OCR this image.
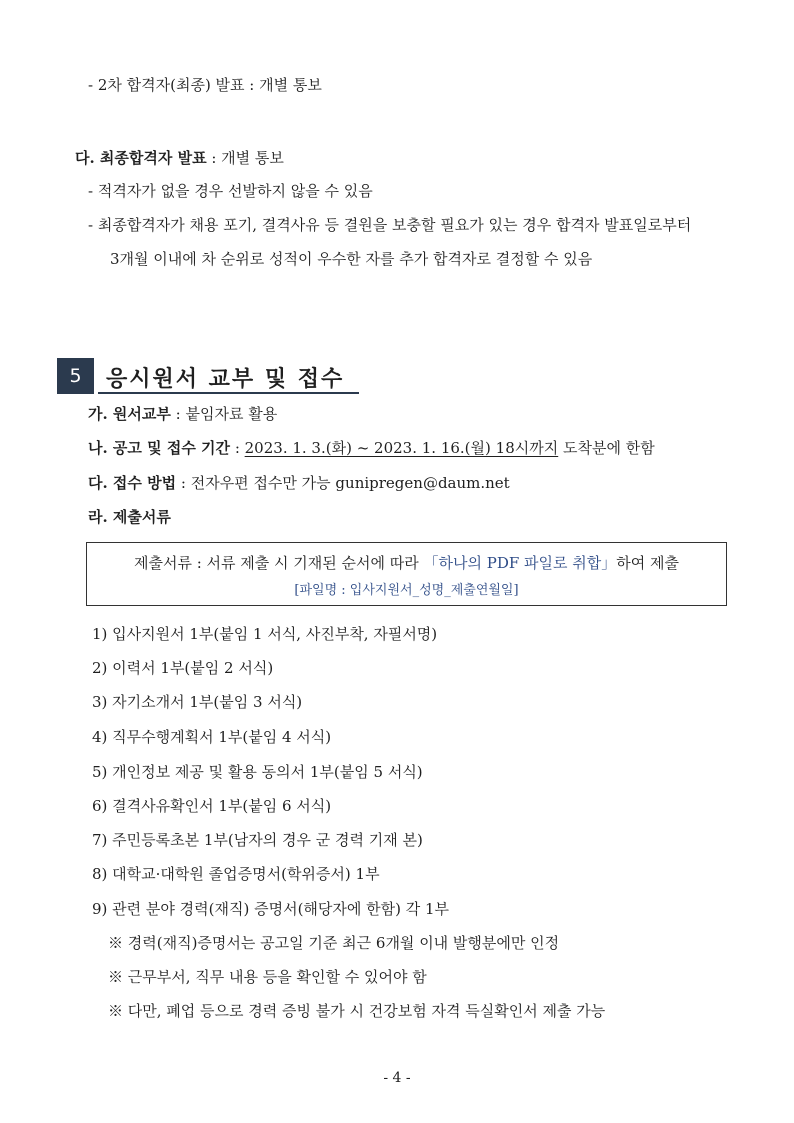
- 2차 합격자(최종) 발표 : 개별 통보
다. 최종합격자 발표 : 개별 통보
- 적격자가 없을 경우 선발하지 않을 수 있음
- 최종합격자가 채용 포기, 결격사유 등 결원을 보충할 필요가 있는 경우 합격자 발표일로부터
3개월 이내에 차 순위로 성적이 우수한 자를 추가 합격자로 결정할 수 있음
5	응시원서 교부 및 접수
가. 원서교부 : 붙임자료 활용
나. 공고 및 접수 기간 : 2023. 1. 3.(화) ~ 2023. 1. 16.(월) 18시까지 도착분에 한함
다. 접수 방법 : 전자우편 접수만 가능 gunipregen@daum.net
라. 제출서류
제출서류 : 서류 제출 시 기재된 순서에 따라 「하나의 PDF 파일로 취합」하여 제출
[파일명 : 입사지원서_성명_제출연월일]
1) 입사지원서 1부(붙임 1 서식, 사진부착, 자필서명)
2) 이력서 1부(붙임 2 서식)
3) 자기소개서 1부(붙임 3 서식)
4) 직무수행계획서 1부(붙임 4 서식)
5) 개인정보 제공 및 활용 동의서 1부(붙임 5 서식)
6) 결격사유확인서 1부(붙임 6 서식)
7) 주민등록초본 1부(남자의 경우 군 경력 기재 본)
8) 대학교·대학원 졸업증명서(학위증서) 1부
9) 관련 분야 경력(재직) 증명서(해당자에 한함) 각 1부
※ 경력(재직)증명서는 공고일 기준 최근 6개월 이내 발행분에만 인정
※ 근무부서, 직무 내용 등을 확인할 수 있어야 함
※ 다만, 폐업 등으로 경력 증빙 불가 시 건강보험 자격 득실확인서 제출 가능
- 4 -
